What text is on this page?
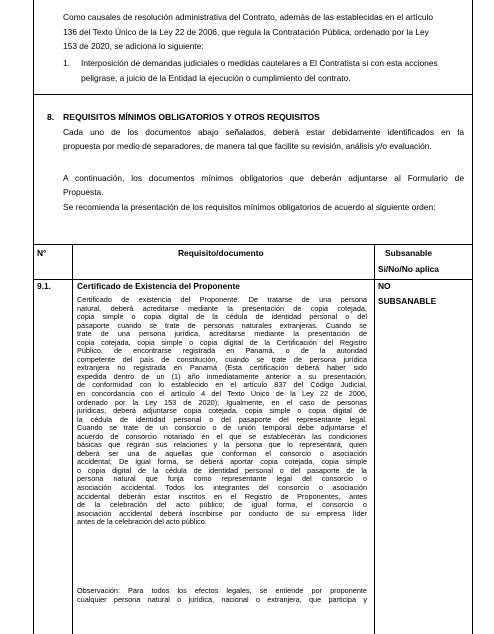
Como causales de resolución administrativa del Contrato, además de las establecidas en el artículo
136 del Texto Único de la Ley 22 de 2006, que regula la Contratación Pública, ordenado por la Ley
153 de 2020, se adiciona lo siguiente:
1. Interposición de demandas judiciales o medidas cautelares a El Contratista si con esta acciones
peligrase, a juicio de la Entidad la ejecución o cumplimiento del contrato.
8. REQUISITOS MÍNIMOS OBLIGATORIOS Y OTROS REQUISITOS
Cada uno de los documentos abajo señalados, deberá estar debidamente identificados en la
propuesta por medio de separadores, de manera tal que facilite su revisión, análisis y/o evaluación.
A continuación, los documentos mínimos obligatorios que deberán adjuntarse al Formulario de
Propuesta.
Se recomienda la presentación de los requisitos mínimos obligatorios de acuerdo al siguiente orden:
N°	Requisito/documento	Subsanable
Si/No/No aplica
9.1.	Certificado de Existencia del Proponente	NO
SUBSANABLE
Certificado de existencia del Proponente. De tratarse de una persona
natural, deberá acreditarse mediante la presentación de copia cotejada,
copia simple o copia digital de la cédula de identidad personal o del
pasaporte cuando se trate de personas naturales extranjeras. Cuando se
trate de una persona jurídica, acreditarse mediante la presentación de
copia cotejada, copia simple o copia digital de la Certificación del Registro
Público, de encontrarse registrada en Panamá, o de la autoridad
competente del país de constitución, cuando se trate de persona jurídica
extranjera no registrada en Panamá (Esta certificación deberá haber sido
expedida dentro de un (1) año inmediatamente anterior a su presentación,
de conformidad con lo establecido en el artículo 837 del Código Judicial,
en concordancia con el artículo 4 del Texto Único de la Ley 22 de 2006,
ordenado por la Ley 153 de 2020); Igualmente, en el caso de personas
jurídicas, deberá adjuntarse copia cotejada, copia simple o copia digital de
la cédula de identidad personal o del pasaporte del representante legal.
Cuando se trate de un consorcio o de unión temporal debe adjuntarse el
acuerdo de consorcio notariado en el que se establecerán las condiciones
básicas que regirán sus relaciones y la persona que lo representará, quien
deberá ser una de aquellas que conforman el consorcio o asociación
accidental; De igual forma, se deberá aportar copia cotejada, copia simple
o copia digital de la cédula de identidad personal o del pasaporte de la
persona natural que funja como representante legal del consorcio o
asociación accidental. Todos los integrantes del consorcio o asociación
accidental deberán estar inscritos en el Registro de Proponentes, antes
de la celebración del acto público; de igual forma, el consorcio o
asociación accidental deberá inscribirse por conducto de su empresa líder
antes de la celebración del acto público.
Observación: Para todos los efectos legales, se entiende por proponente
cualquier persona natural o jurídica, nacional o extranjera, que participa y
